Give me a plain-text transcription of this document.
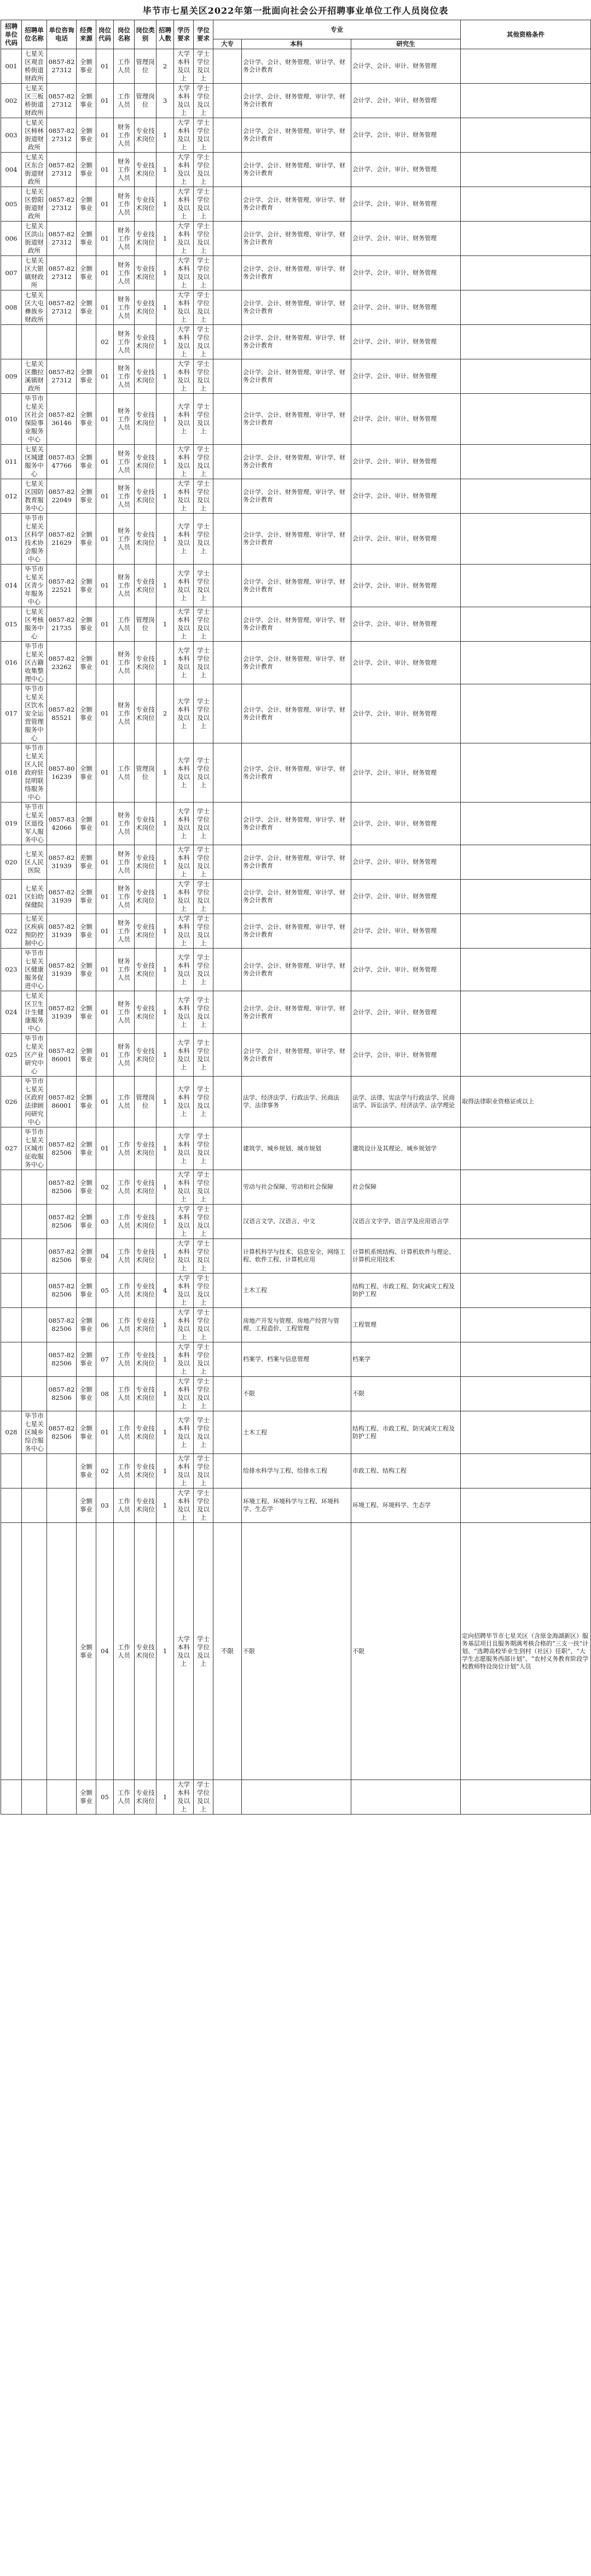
毕节市七星关区2022年第一批面向社会公开招聘事业单位工作人员岗位表
招聘单位代码	招聘单位名称	单位咨询电话	经费来源	岗位代码	岗位名称	岗位类别	招聘人数	学历要求	学位要求	专业			其他资格条件
										大专	本科	研究生	
001	七星关区观音桥街道财政所	0857-8227312	全额事业	01	工作人员	管理岗位	2	大学本科及以上	学士学位及以上		会计学、会计、财务管理、审计学、财务会计教育	会计学、会计、审计、财务管理	
002	七星关区三板桥街道财政所	0857-8227312	全额事业	01	工作人员	管理岗位	3	大学本科及以上	学士学位及以上		会计学、会计、财务管理、审计学、财务会计教育	会计学、会计、审计、财务管理	
003	七星关区柿林街道财政所	0857-8227312	全额事业	01	财务工作人员	专业技术岗位	1	大学本科及以上	学士学位及以上		会计学、会计、财务管理、审计学、财务会计教育	会计学、会计、审计、财务管理	
004	七星关区东合街道财政所	0857-8227312	全额事业	01	财务工作人员	专业技术岗位	1	大学本科及以上	学士学位及以上		会计学、会计、财务管理、审计学、财务会计教育	会计学、会计、审计、财务管理	
005	七星关区碧阳街道财政所	0857-8227312	全额事业	01	财务工作人员	专业技术岗位	1	大学本科及以上	学士学位及以上		会计学、会计、财务管理、审计学、财务会计教育	会计学、会计、审计、财务管理	
006	七星关区洪山街道财政所	0857-8227312	全额事业	01	财务工作人员	专业技术岗位	1	大学本科及以上	学士学位及以上		会计学、会计、财务管理、审计学、财务会计教育	会计学、会计、审计、财务管理	
007	七星关区大银镇财政所	0857-8227312	全额事业	01	财务工作人员	专业技术岗位	1	大学本科及以上	学士学位及以上		会计学、会计、财务管理、审计学、财务会计教育	会计学、会计、审计、财务管理	
008	七星关区大屯彝族乡财政所	0857-8227312	全额事业	01	财务工作人员	专业技术岗位	1	大学本科及以上	学士学位及以上		会计学、会计、财务管理、审计学、财务会计教育	会计学、会计、审计、财务管理	
				02	财务工作人员	专业技术岗位	1	大学本科及以上	学士学位及以上		会计学、会计、财务管理、审计学、财务会计教育	会计学、会计、审计、财务管理	
009	七星关区撒拉溪镇财政所	0857-8227312	全额事业	01	财务工作人员	专业技术岗位	1	大学本科及以上	学士学位及以上		会计学、会计、财务管理、审计学、财务会计教育	会计学、会计、审计、财务管理	
010	毕节市七星关区社会保险事业服务中心	0857-8236146	全额事业	01	财务工作人员	专业技术岗位	1	大学本科及以上	学士学位及以上		会计学、会计、财务管理、审计学、财务会计教育	会计学、会计、审计、财务管理	
011	七星关区城建服务中心	0857-8347766	全额事业	01	财务工作人员	专业技术岗位	1	大学本科及以上	学士学位及以上		会计学、会计、财务管理、审计学、财务会计教育	会计学、会计、审计、财务管理	
012	七星关区国防教育服务中心	0857-8222049	全额事业	01	财务工作人员	专业技术岗位	1	大学本科及以上	学士学位及以上		会计学、会计、财务管理、审计学、财务会计教育	会计学、会计、审计、财务管理	
013	毕节市七星关区科学技术协会服务中心	0857-8221629	全额事业	01	财务工作人员	专业技术岗位	1	大学本科及以上	学士学位及以上		会计学、会计、财务管理、审计学、财务会计教育	会计学、会计、审计、财务管理	
014	毕节市七星关区青少年服务中心	0857-8222521	全额事业	01	财务工作人员	专业技术岗位	1	大学本科及以上	学士学位及以上		会计学、会计、财务管理、审计学、财务会计教育	会计学、会计、审计、财务管理	
015	七星关区考核服务中心	0857-8221735	全额事业	01	工作人员	管理岗位	1	大学本科及以上	学士学位及以上		会计学、会计、财务管理、审计学、财务会计教育	会计学、会计、审计、财务管理	
016	毕节市七星关区古籍收集整理中心	0857-8223262	全额事业	01	财务工作人员	专业技术岗位	1	大学本科及以上	学士学位及以上		会计学、会计、财务管理、审计学、财务会计教育	会计学、会计、审计、财务管理	
017	毕节市七星关区饮水安全运营管理服务中心	0857-8285521	全额事业	01	财务工作人员	专业技术岗位	2	大学本科及以上	学士学位及以上		会计学、会计、财务管理、审计学、财务会计教育	会计学、会计、审计、财务管理	
018	毕节市七星关区人民政府驻昆明联络服务中心	0857-8016239	全额事业	01	工作人员	管理岗位	1	大学本科及以上	学士学位及以上		会计学、会计、财务管理、审计学、财务会计教育	会计学、会计、审计、财务管理	
019	毕节市七星关区退役军人服务中心	0857-8342066	全额事业	01	财务工作人员	专业技术岗位	1	大学本科及以上	学士学位及以上		会计学、会计、财务管理、审计学、财务会计教育	会计学、会计、审计、财务管理	
020	七星关区人民医院	0857-8231939	差额事业	01	财务工作人员	专业技术岗位	1	大学本科及以上	学士学位及以上		会计学、会计、财务管理、审计学、财务会计教育	会计学、会计、审计、财务管理	
021	七星关区妇幼保健院	0857-8231939	全额事业	01	财务工作人员	专业技术岗位	1	大学本科及以上	学士学位及以上		会计学、会计、财务管理、审计学、财务会计教育	会计学、会计、审计、财务管理	
022	七星关区疾病预防控制中心	0857-8231939	全额事业	01	财务工作人员	专业技术岗位	1	大学本科及以上	学士学位及以上		会计学、会计、财务管理、审计学、财务会计教育	会计学、会计、审计、财务管理	
023	毕节市七星关区健康服务促进中心	0857-8231939	全额事业	01	财务工作人员	专业技术岗位	1	大学本科及以上	学士学位及以上		会计学、会计、财务管理、审计学、财务会计教育	会计学、会计、审计、财务管理	
024	七星关区卫生计生健康服务中心	0857-8231939	全额事业	01	财务工作人员	专业技术岗位	1	大学本科及以上	学士学位及以上		会计学、会计、财务管理、审计学、财务会计教育	会计学、会计、审计、财务管理	
025	毕节市七星关区产业研究中心	0857-8286001	全额事业	01	财务工作人员	专业技术岗位	1	大学本科及以上	学士学位及以上		会计学、会计、财务管理、审计学、财务会计教育	会计学、会计、审计、财务管理	
026	毕节市七星关区政府法律顾问研究中心	0857-8286001	全额事业	01	工作人员	管理岗位	1	大学本科及以上	学士学位及以上		法学、经济法学、行政法学、民商法学、法律事务	法学、法律、宪法学与行政法学、民商法学、诉讼法学、经济法学、法学理论	取得法律职业资格证或以上
027	毕节市七星关区城市征收服务中心	0857-8282506	全额事业	01	工作人员	专业技术岗位	1	大学本科及以上	学士学位及以上		建筑学、城乡规划、城市规划	建筑设计及其理论、城乡规划学	
		0857-8282506	全额事业	02	工作人员	专业技术岗位	1	大学本科及以上	学士学位及以上		劳动与社会保障、劳动和社会保障	社会保障	
		0857-8282506	全额事业	03	工作人员	专业技术岗位	1	大学本科及以上	学士学位及以上		汉语言文学、汉语言、中文	汉语言文字学、语言学及应用语言学	
		0857-8282506	全额事业	04	工作人员	专业技术岗位	1	大学本科及以上	学士学位及以上		计算机科学与技术、信息安全、网络工程、软件工程、计算机应用	计算机系统结构、计算机软件与理论、计算机应用技术	
		0857-8282506	全额事业	05	工作人员	专业技术岗位	4	大学本科及以上	学士学位及以上		土木工程	结构工程、市政工程、防灾减灾工程及防护工程	
		0857-8282506	全额事业	06	工作人员	专业技术岗位	1	大学本科及以上	学士学位及以上		房地产开发与管理、房地产经营与管理、工程造价、工程管理	工程管理	
		0857-8282506	全额事业	07	工作人员	专业技术岗位	1	大学本科及以上	学士学位及以上		档案学、档案与信息管理	档案学	
		0857-8282506	全额事业	08	工作人员	专业技术岗位	1	大学本科及以上	学士学位及以上		不限	不限	
028	毕节市七星关区城乡综合服务中心	0857-8282506	全额事业	01	工作人员	专业技术岗位	1	大学本科及以上	学士学位及以上		土木工程	结构工程、市政工程、防灾减灾工程及防护工程	
			全额事业	02	工作人员	专业技术岗位	1	大学本科及以上	学士学位及以上		给排水科学与工程、给排水工程	市政工程、结构工程	
			全额事业	03	工作人员	专业技术岗位	1	大学本科及以上	学士学位及以上		环境工程、环境科学与工程、环境科学、生态学	环境工程、环境科学、生态学	
			全额事业	04	工作人员	专业技术岗位	1	大学本科及以上	学士学位及以上	不限	不限	不限	定向招聘毕节市七星关区（含原金海湖新区）服务基层项目且服务期满考核合格的“三支一扶”计划、“选聘高校毕业生到村（社区）任职”、“大学生志愿服务西部计划”、“农村义务教育阶段学校教师特设岗位计划”人员
			全额事业	05	工作人员	专业技术岗位	1	大学本科及以上	学士学位及以上				
